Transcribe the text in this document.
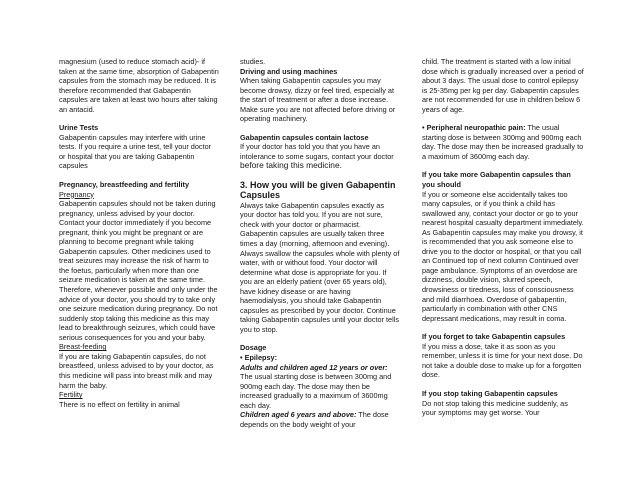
magnesium (used to reduce stomach acid)- if taken at the same time, absorption of Gabapentin capsules from the stomach may be reduced. It is therefore recommended that Gabapentin capsules are taken at least two hours after taking an antacid.

Urine Tests

Gabapentin capsules may interfere with urine tests. If you require a urine test, tell your doctor or hospital that you are taking Gabapentin capsules

Pregnancy, breastfeeding and fertility

Pregnancy

Gabapentin capsules should not be taken during pregnancy, unless advised by your doctor. Contact your doctor immediately if you become pregnant, think you might be pregnant or are planning to become pregnant while taking Gabapentin capsules. Other medicines used to treat seizures may increase the risk of harm to the foetus, particularly when more than one seizure medication is taken at the same time. Therefore, whenever possible and only under the advice of your doctor, you should try to take only one seizure medication during pregnancy. Do not suddenly stop taking this medicine as this may lead to breakthrough seizures, which could have serious consequences for you and your baby.

Breast-feeding

If you are taking Gabapentin capsules, do not breastfeed, unless advised to by your doctor, as this medicine will pass into breast milk and may harm the baby.

Fertility

There is no effect on fertility in animal

studies.

Driving and using machines

When taking Gabapentin capsules you may become drowsy, dizzy or feel tired, especially at the start of treatment or after a dose increase. Make sure you are not affected before driving or operating machinery.

Gabapentin capsules contain lactose

If your doctor has told you that you have an intolerance to some sugars, contact your doctor before taking this medicine.

3. How you will be given Gabapentin Capsules

Always take Gabapentin capsules exactly as your doctor has told you. If you are not sure, check with your doctor or pharmacist. Gabapentin capsules are usually taken three times a day (morning, afternoon and evening). Always swallow the capsules whole with plenty of water, with or without food. Your doctor will determine what dose is appropriate for you. If you are an elderly patient (over 65 years old), have kidney disease or are having haemodialysis, you should take Gabapentin capsules as prescribed by your doctor. Continue taking Gabapentin capsules until your doctor tells you to stop.

Dosage

• Epilepsy:

Adults and children aged 12 years or over: The usual starting dose is between 300mg and 900mg each day. The dose may then be increased gradually to a maximum of 3600mg each day.

Children aged 6 years and above: The dose depends on the body weight of your

child. The treatment is started with a low initial dose which is gradually increased over a period of about 3 days. The usual dose to control epilepsy is 25-35mg per kg per day. Gabapentin capsules are not recommended for use in children below 6 years of age.

• Peripheral neuropathic pain: The usual starting dose is between 300mg and 900mg each day. The dose may then be increased gradually to a maximum of 3600mg each day.

If you take more Gabapentin capsules than you should

If you or someone else accidentally takes too many capsules, or if you think a child has swallowed any, contact your doctor or go to your nearest hospital casualty department immediately. As Gabapentin capsules may make you drowsy, it is recommended that you ask someone else to drive you to the doctor or hospital, or that you call an Continued top of next column Continued over page ambulance. Symptoms of an overdose are dizziness, double vision, slurred speech, drowsiness or tiredness, loss of consciousness and mild diarrhoea. Overdose of gabapentin, particularly in combination with other CNS depressant medications, may result in coma.

If you forget to take Gabapentin capsules

If you miss a dose, take it as soon as you remember, unless it is time for your next dose. Do not take a double dose to make up for a forgotten dose.

If you stop taking Gabapentin capsules

Do not stop taking this medicine suddenly, as your symptoms may get worse. Your
